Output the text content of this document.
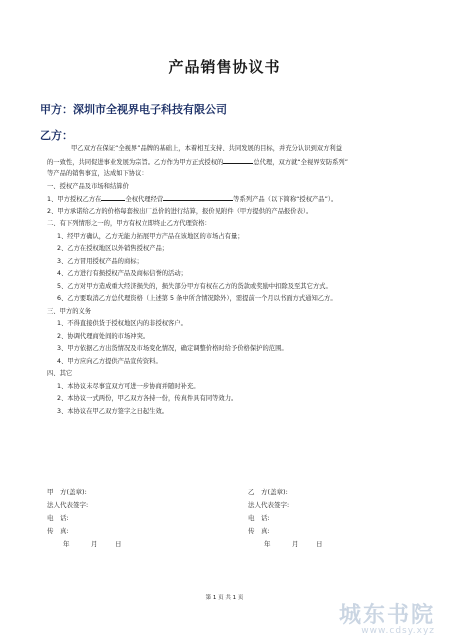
产品销售协议书
甲方：深圳市全视界电子科技有限公司
乙方：
甲乙双方在保证“全视界”品牌的基础上，本着相互支持、共同发展的目标，并充分认识到双方利益
的一致性，共同促进事业发展为宗旨。乙方作为甲方正式授权的	总代理，双方就“全视界安防系列”
等产品的销售事宜，达成如下协议：
一、授权产品及市场和结算价
1、甲方授权乙方在	全权代理经营	等系列产品（以下简称“授权产品”）。
2、甲方承诺给乙方的价格每套按出厂总价的进行结算，报价见附件（甲方提供的产品报价表）。
二、有下列情形之一的，甲方有权立即终止乙方代理资格：
1、经甲方确认，乙方无能力拓展甲方产品在该地区的市场占有量；
2、乙方在授权地区以外销售授权产品；
3、乙方冒用授权产品的商标；
4、乙方进行有损授权产品及商标信誉的活动；
5、乙方对甲方造成重大经济损失的，损失部分甲方有权在乙方的货款或奖励中扣除及至其它方式。
6、乙方要取消乙方总代理资格（上述第 5 条中所含情况除外），需提前一个月以书面方式通知乙方。
三、甲方的义务
1、不得直接供货于授权地区内的非授权客户。
2、协调代理商处间的市场冲突。
3、甲方依据乙方出货情况及市场变化情况，确定调整价格时给予价格保护的范围。
4、甲方应向乙方提供产品宣传资料。
四、其它
1、本协议未尽事宜双方可进一步协商并随时补充。
2、本协议一式两份，甲乙双方各持一份，传真件具有同等效力。
3、本协议在甲乙双方签字之日起生效。
甲　方(盖章):
法人代表签字:
电　话:
传　真:
年	月	日
乙　方(盖章):
法人代表签字:
电　话:
传　真:
年	月	日
第 1 页 共 1 页
城东书院
www.cdsy.xyz
